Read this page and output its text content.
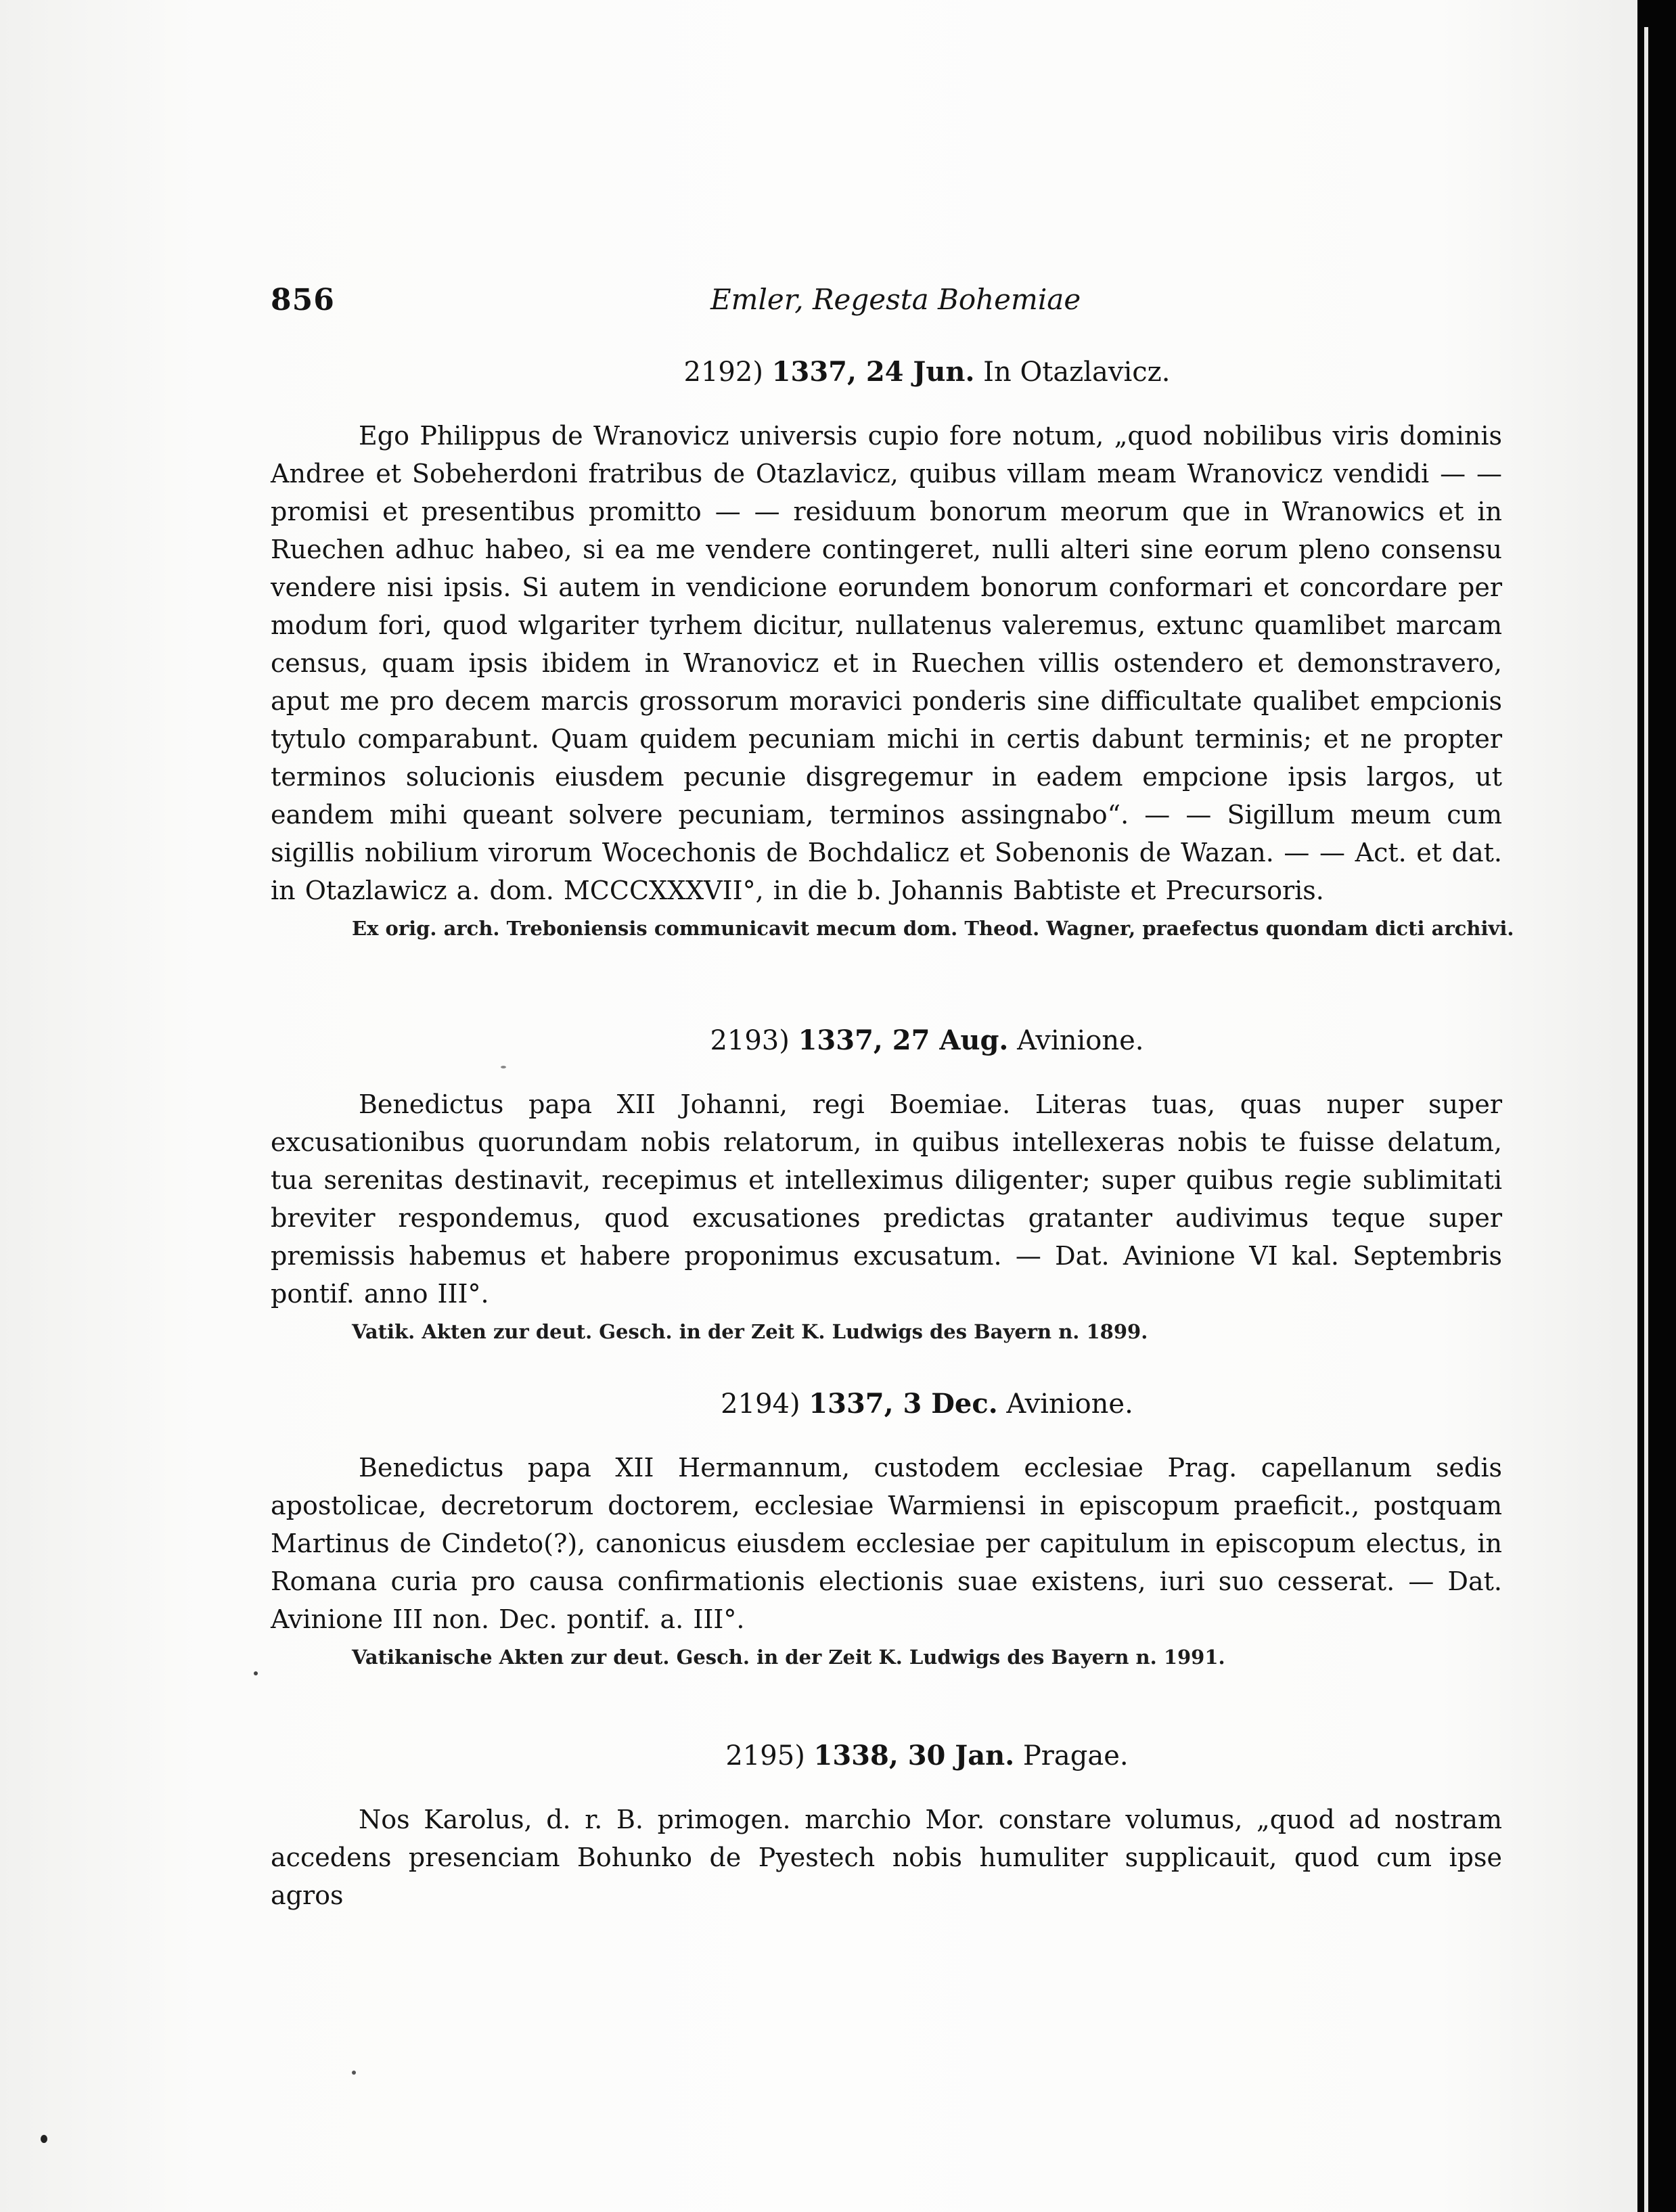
856	Emler, Regesta Bohemiae
2192) 1337, 24 Jun. In Otazlavicz.
Ego Philippus de Wranovicz universis cupio fore notum, „quod nobilibus viris dominis Andree et Sobeherdoni fratribus de Otazlavicz, quibus villam meam Wranovicz vendidi — — promisi et presentibus promitto — — residuum bonorum meorum que in Wranowics et in Ruechen adhuc habeo, si ea me vendere contingeret, nulli alteri sine eorum pleno consensu vendere nisi ipsis. Si autem in vendicione eorundem bonorum conformari et concordare per modum fori, quod wlgariter tyrhem dicitur, nullatenus valeremus, extunc quamlibet marcam census, quam ipsis ibidem in Wranovicz et in Ruechen villis ostendero et demonstravero, aput me pro decem marcis grossorum moravici ponderis sine difficultate qualibet empcionis tytulo comparabunt. Quam quidem pecuniam michi in certis dabunt terminis; et ne propter terminos solucionis eiusdem pecunie disgregemur in eadem empcione ipsis largos, ut eandem mihi queant solvere pecuniam, terminos assingnabo“. — — Sigillum meum cum sigillis nobilium virorum Wocechonis de Bochdalicz et Sobenonis de Wazan. — — Act. et dat. in Otazlawicz a. dom. MCCCXXXVII°, in die b. Johannis Babtiste et Precursoris.
Ex orig. arch. Treboniensis communicavit mecum dom. Theod. Wagner, praefectus quondam dicti archivi.
2193) 1337, 27 Aug. Avinione.
Benedictus papa XII Johanni, regi Boemiae. Literas tuas, quas nuper super excusationibus quorundam nobis relatorum, in quibus intellexeras nobis te fuisse delatum, tua serenitas destinavit, recepimus et intelleximus diligenter; super quibus regie sublimitati breviter respondemus, quod excusationes predictas gratanter audivimus teque super premissis habemus et habere proponimus excusatum. — Dat. Avinione VI kal. Septembris pontif. anno III°.
Vatik. Akten zur deut. Gesch. in der Zeit K. Ludwigs des Bayern n. 1899.
2194) 1337, 3 Dec. Avinione.
Benedictus papa XII Hermannum, custodem ecclesiae Prag. capellanum sedis apostolicae, decretorum doctorem, ecclesiae Warmiensi in episcopum praeficit., postquam Martinus de Cindeto(?), canonicus eiusdem ecclesiae per capitulum in episcopum electus, in Romana curia pro causa confirmationis electionis suae existens, iuri suo cesserat. — Dat. Avinione III non. Dec. pontif. a. III°.
Vatikanische Akten zur deut. Gesch. in der Zeit K. Ludwigs des Bayern n. 1991.
2195) 1338, 30 Jan. Pragae.
Nos Karolus, d. r. B. primogen. marchio Mor. constare volumus, „quod ad nostram accedens presenciam Bohunko de Pyestech nobis humuliter supplicauit, quod cum ipse agros
